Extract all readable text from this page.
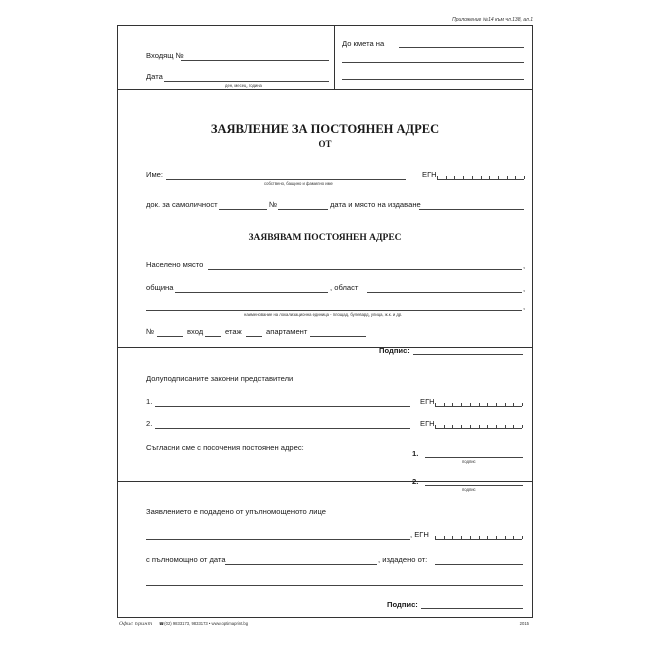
Приложение №14 към чл.138, ал.1
Входящ №
Дата
ден, месец, година
До кмета на
ЗАЯВЛЕНИЕ ЗА ПОСТОЯНЕН АДРЕС
ОТ
Име:
собствено, бащино и фамилно име
ЕГН
док. за самоличност	№	дата и място на издаване
ЗАЯВЯВАМ ПОСТОЯНЕН АДРЕС
Населено място	,
община	, област	,
,
наименование на локализационна единица - площад, булевард, улица, ж.к. и др.
№	вход	етаж	апартамент
Подпис:
Долуподписаните законни представители
1.	ЕГН
2.	ЕГН
Съгласни сме с посочения постоянен адрес:
1.
подпис
2.
подпис
Заявлението е подадено от упълномощеното лице
, ЕГН
с пълномощно от дата	, издадено от:
Подпис:
Офис принт ☎(02) 9833173, 9833173 • www.optimaprint.bg	2015
